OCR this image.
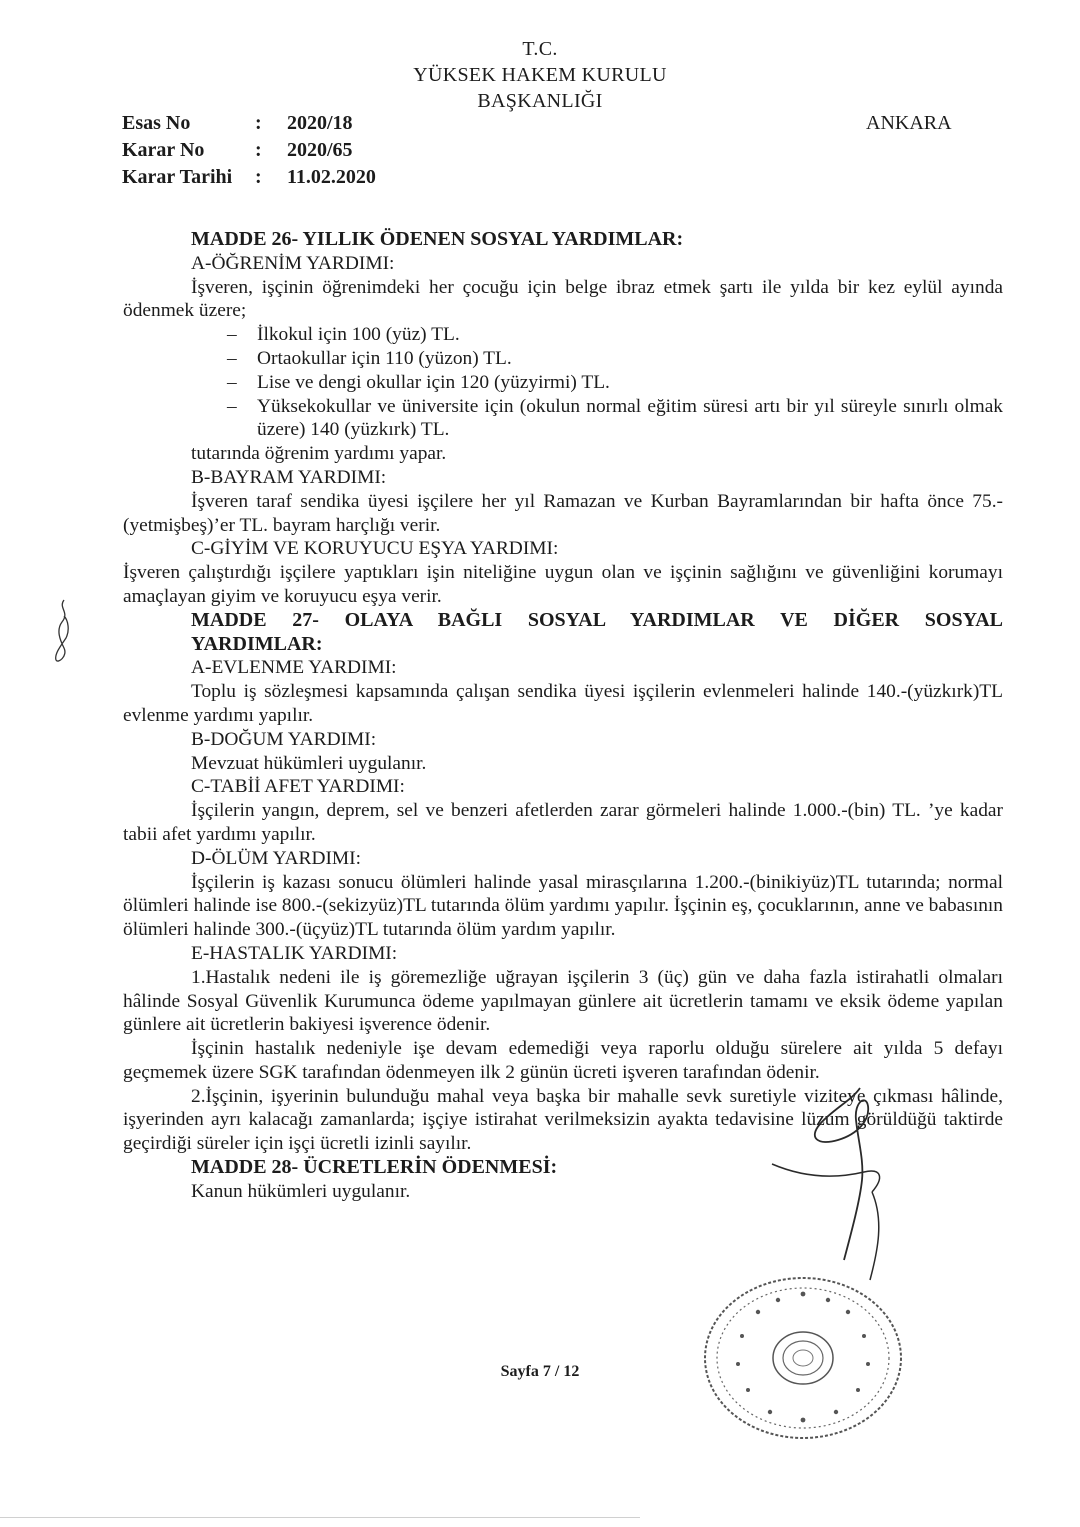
T.C.
YÜKSEK HAKEM KURULU
BAŞKANLIĞI
Esas No	:	2020/18
Karar No	:	2020/65
Karar Tarihi	:	11.02.2020
ANKARA

MADDE 26- YILLIK ÖDENEN SOSYAL YARDIMLAR:

A-ÖĞRENİM YARDIMI:

İşveren, işçinin öğrenimdeki her çocuğu için belge ibraz etmek şartı ile yılda bir kez eylül ayında ödenmek üzere;

– İlkokul için 100 (yüz) TL.
– Ortaokullar için 110 (yüzon) TL.
– Lise ve dengi okullar için 120 (yüzyirmi) TL.
– Yüksekokullar ve üniversite için (okulun normal eğitim süresi artı bir yıl süreyle sınırlı olmak üzere) 140 (yüzkırk) TL.

tutarında öğrenim yardımı yapar.

B-BAYRAM YARDIMI:

İşveren taraf sendika üyesi işçilere her yıl Ramazan ve Kurban Bayramlarından bir hafta önce 75.-(yetmişbeş)’er TL. bayram harçlığı verir.

C-GİYİM VE KORUYUCU EŞYA YARDIMI:

İşveren çalıştırdığı işçilere yaptıkları işin niteliğine uygun olan ve işçinin sağlığını ve güvenliğini korumayı amaçlayan giyim ve koruyucu eşya verir.

MADDE 27- OLAYA BAĞLI SOSYAL YARDIMLAR VE DİĞER SOSYAL

YARDIMLAR:

A-EVLENME YARDIMI:

Toplu iş sözleşmesi kapsamında çalışan sendika üyesi işçilerin evlenmeleri halinde 140.-(yüzkırk)TL evlenme yardımı yapılır.

B-DOĞUM YARDIMI:

Mevzuat hükümleri uygulanır.

C-TABİİ AFET YARDIMI:

İşçilerin yangın, deprem, sel ve benzeri afetlerden zarar görmeleri halinde 1.000.-(bin) TL. ’ye kadar tabii afet yardımı yapılır.

D-ÖLÜM YARDIMI:

İşçilerin iş kazası sonucu ölümleri halinde yasal mirasçılarına 1.200.-(binikiyüz)TL tutarında; normal ölümleri halinde ise 800.-(sekizyüz)TL tutarında ölüm yardımı yapılır. İşçinin eş, çocuklarının, anne ve babasının ölümleri halinde 300.-(üçyüz)TL tutarında ölüm yardım yapılır.

E-HASTALIK YARDIMI:

1.Hastalık nedeni ile iş göremezliğe uğrayan işçilerin 3 (üç) gün ve daha fazla istirahatli olmaları hâlinde Sosyal Güvenlik Kurumunca ödeme yapılmayan günlere ait ücretlerin tamamı ve eksik ödeme yapılan günlere ait ücretlerin bakiyesi işverence ödenir.

İşçinin hastalık nedeniyle işe devam edemediği veya raporlu olduğu sürelere ait yılda 5 defayı geçmemek üzere SGK tarafından ödenmeyen ilk 2 günün ücreti işveren tarafından ödenir.

2.İşçinin, işyerinin bulunduğu mahal veya başka bir mahalle sevk suretiyle viziteye çıkması hâlinde, işyerinden ayrı kalacağı zamanlarda; işçiye istirahat verilmeksizin ayakta tedavisine lüzum görüldüğü taktirde geçirdiği süreler için işçi ücretli izinli sayılır.

MADDE 28- ÜCRETLERİN ÖDENMESİ:

Kanun hükümleri uygulanır.

Sayfa 7 / 12
